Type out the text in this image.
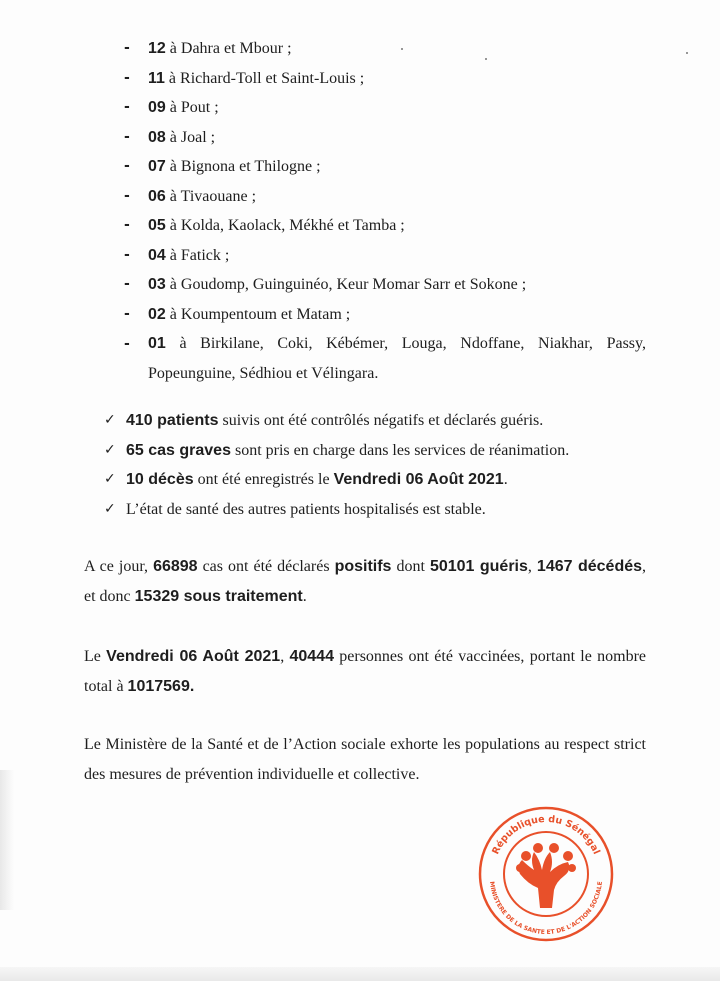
- 12 à Dahra et Mbour ;
- 11 à Richard-Toll et Saint-Louis ;
- 09 à Pout ;
- 08 à Joal ;
- 07 à Bignona et Thilogne ;
- 06 à Tivaouane ;
- 05 à Kolda, Kaolack, Mékhé et Tamba ;
- 04 à Fatick ;
- 03 à Goudomp, Guinguinéo, Keur Momar Sarr et Sokone ;
- 02 à Koumpentoum et Matam ;
- 01 à Birkilane, Coki, Kébémer, Louga, Ndoffane, Niakhar, Passy, Popeunguine, Sédhiou et Vélingara.
✓ 410 patients suivis ont été contrôlés négatifs et déclarés guéris.
✓ 65 cas graves sont pris en charge dans les services de réanimation.
✓ 10 décès ont été enregistrés le Vendredi 06 Août 2021.
✓ L’état de santé des autres patients hospitalisés est stable.

A ce jour, 66898 cas ont été déclarés positifs dont 50101 guéris, 1467 décédés, et donc 15329 sous traitement.

Le Vendredi 06 Août 2021, 40444 personnes ont été vaccinées, portant le nombre total à 1017569.

Le Ministère de la Santé et de l’Action sociale exhorte les populations au respect strict des mesures de prévention individuelle et collective.

République du Sénégal
MINISTERE DE LA SANTE ET DE L'ACTION SOCIALE
